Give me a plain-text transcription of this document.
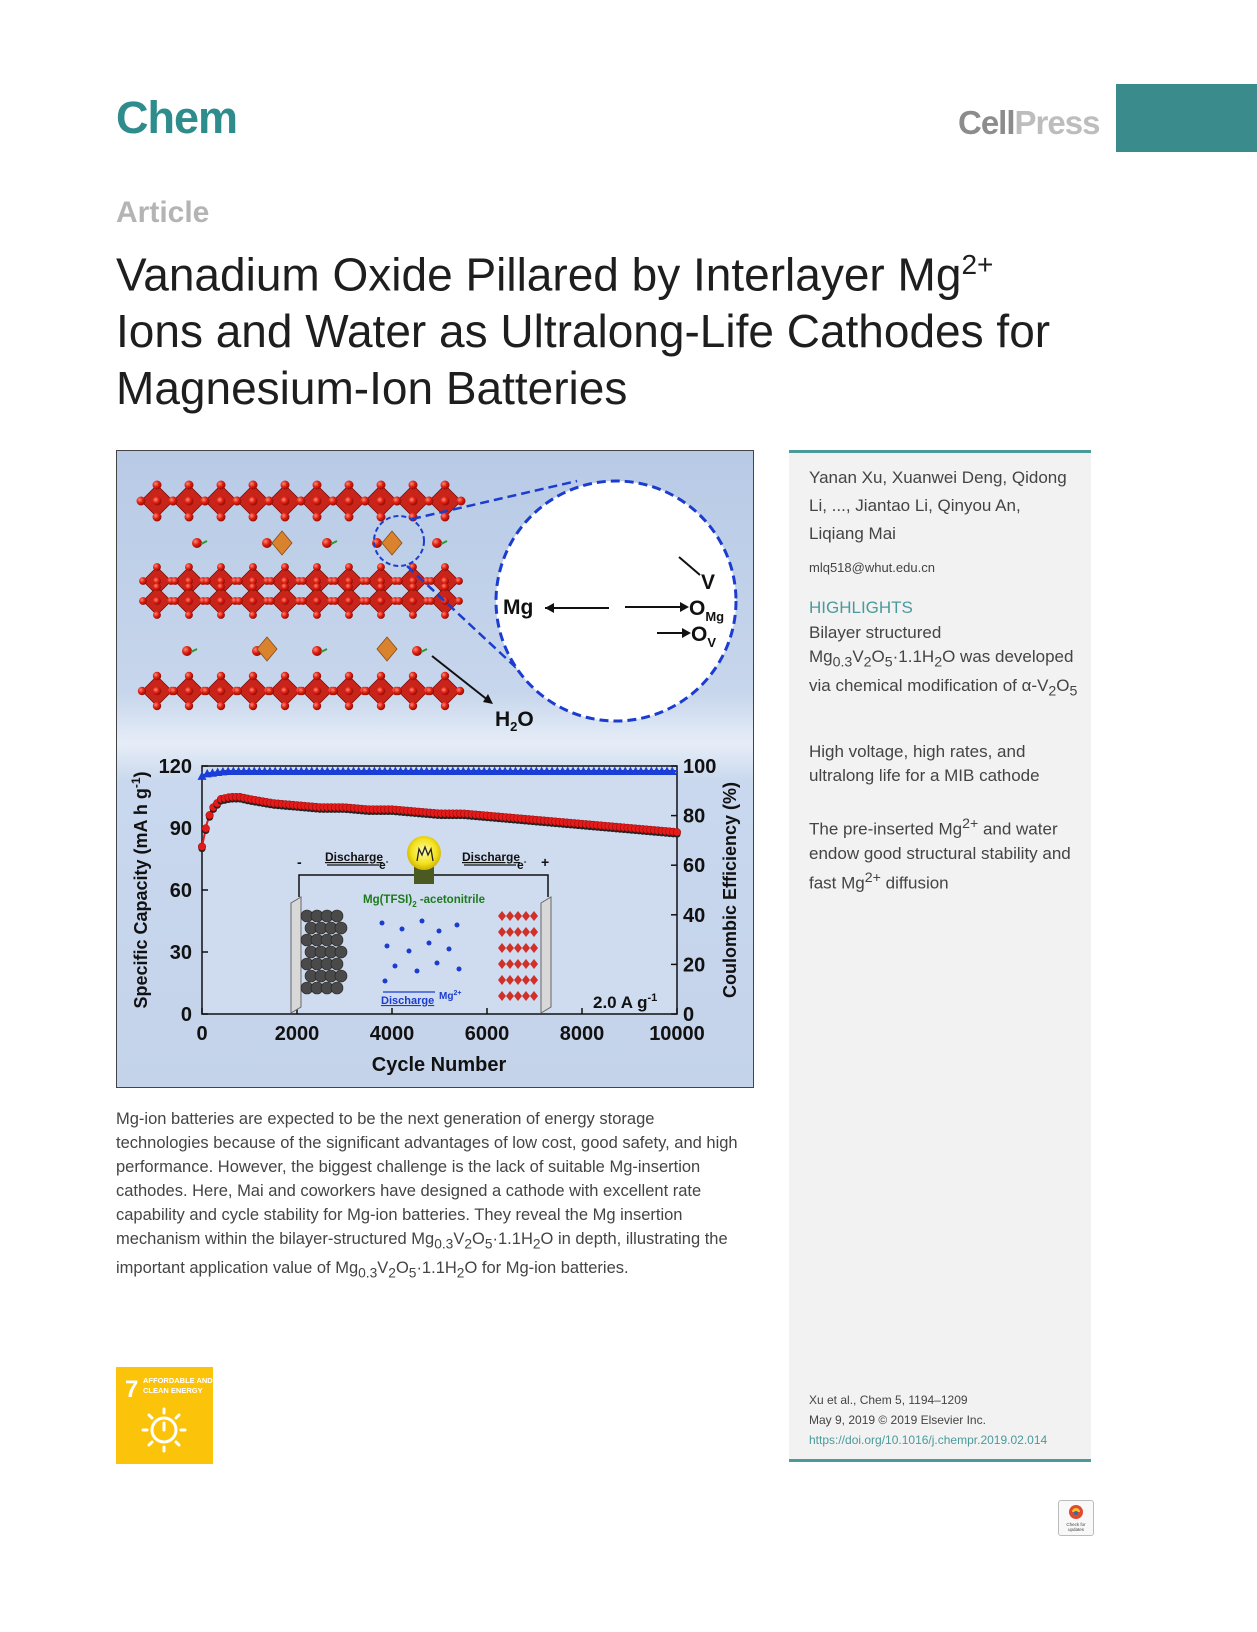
Chem	CellPress
Article
Vanadium Oxide Pillared by Interlayer $Mg^{2+}$
Ions and Water as Ultralong-Life Cathodes for
Magnesium-Ion Batteries
V
Mg	$O_{Mg}$
$O_V$
$H_2O$
0	2000	4000	6000	8000 10000
0
30
60
90
120
0
20
40
60
80
100
-	+
Discharge
e-	Discharge
e-
$Mg(TFSI)_2$ -acetonitrile
Discharge $Mg^{2+}$	2.0 A $g^{-1}$
Cycle Number
Specific Capacity (mA h $g^{-1}$)
Coulombic Efficiency (%)
Yanan Xu, Xuanwei Deng, Qidong Li, ..., Jiantao Li, Qinyou An, Liqiang Mai
mlq518@whut.edu.cn
HIGHLIGHTS
Bilayer structured
$Mg_{0.3}V_2O_5\cdot 1.1H_2O$ was developed via chemical modification of $\alpha-V_2O_5$
High voltage, high rates, and ultralong life for a MIB cathode
The pre-inserted $Mg^{2+}$ and water endow good structural stability and fast $Mg^{2+}$ diffusion
Xu et al., Chem 5, 1194–1209
May 9, 2019 © 2019 Elsevier Inc.
https://doi.org/10.1016/j.chempr.2019.02.014
Mg-ion batteries are expected to be the next generation of energy storage technologies because of the significant advantages of low cost, good safety, and high performance. However, the biggest challenge is the lack of suitable Mg-insertion cathodes. Here, Mai and coworkers have designed a cathode with excellent rate capability and cycle stability for Mg-ion batteries. They reveal the Mg insertion mechanism within the bilayer-structured $Mg_{0.3}V_2O_5\cdot 1.1H_2O$ in depth, illustrating the important application value of $Mg_{0.3}V_2O_5\cdot 1.1H_2O$ for Mg-ion batteries.
7 AFFORDABLE AND
CLEAN ENERGY
Check for
updates
